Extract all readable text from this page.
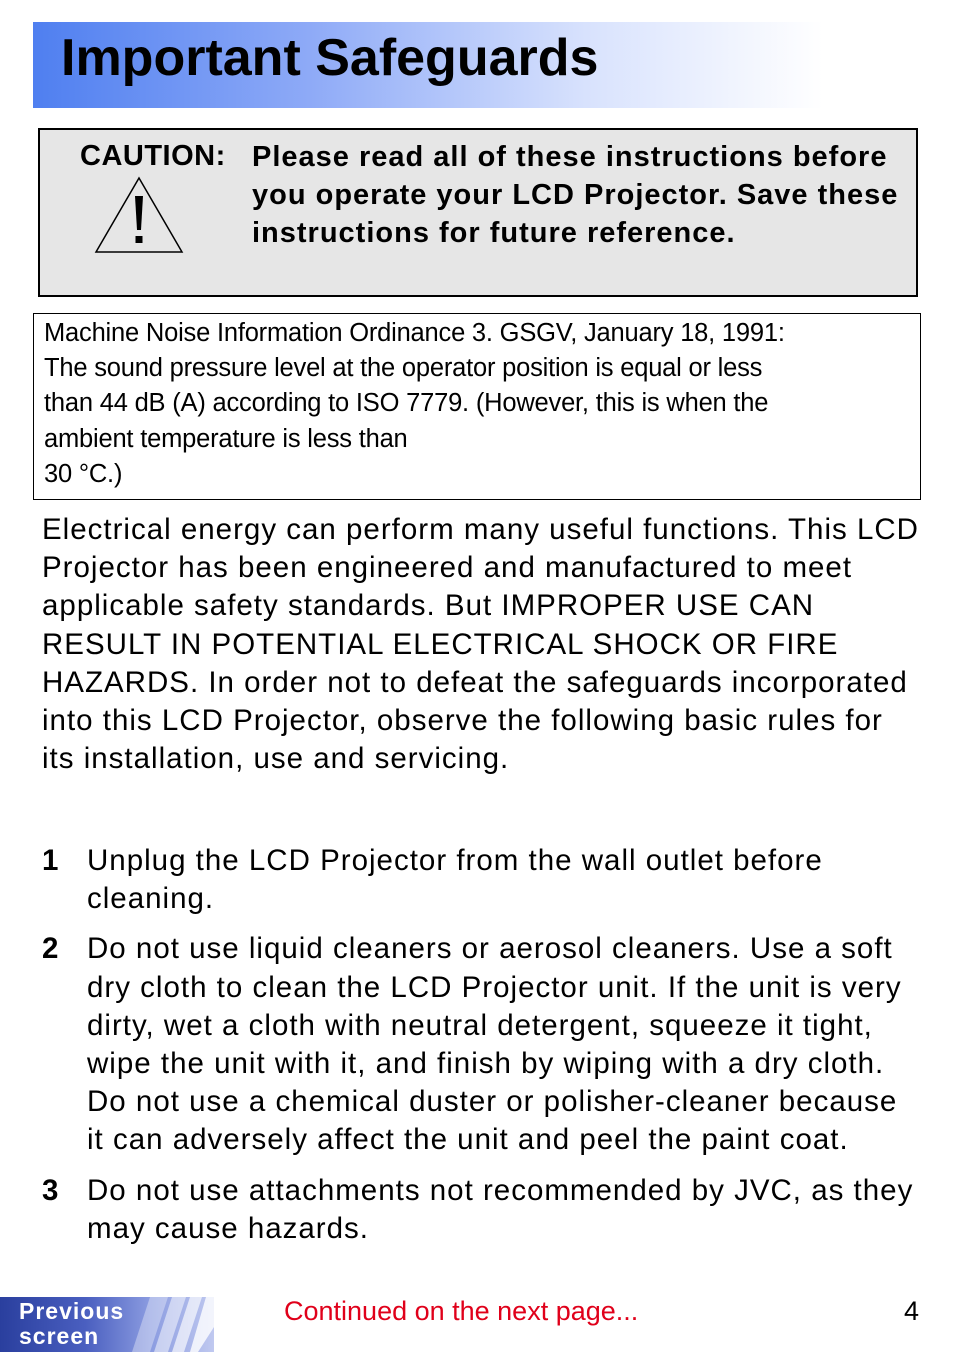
Important Safeguards
CAUTION: Please read all of these instructions before you operate your LCD Projector. Save these instructions for future reference.

Machine Noise Information Ordinance 3. GSGV, January 18, 1991:
The sound pressure level at the operator position is equal or less
than 44 dB (A) according to ISO 7779. (However, this is when the
ambient temperature is less than
30 °C.)

Electrical energy can perform many useful functions. This LCD Projector has been engineered and manufactured to meet applicable safety standards. But IMPROPER USE CAN RESULT IN POTENTIAL ELECTRICAL SHOCK OR FIRE HAZARDS. In order not to defeat the safeguards incorporated into this LCD Projector, observe the following basic rules for its installation, use and servicing.

1 Unplug the LCD Projector from the wall outlet before cleaning.
2 Do not use liquid cleaners or aerosol cleaners. Use a soft dry cloth to clean the LCD Projector unit. If the unit is very dirty, wet a cloth with neutral detergent, squeeze it tight, wipe the unit with it, and finish by wiping with a dry cloth. Do not use a chemical duster or polisher-cleaner because it can adversely affect the unit and peel the paint coat.
3 Do not use attachments not recommended by JVC, as they may cause hazards.
Previous
screen
Continued on the next page...	4
